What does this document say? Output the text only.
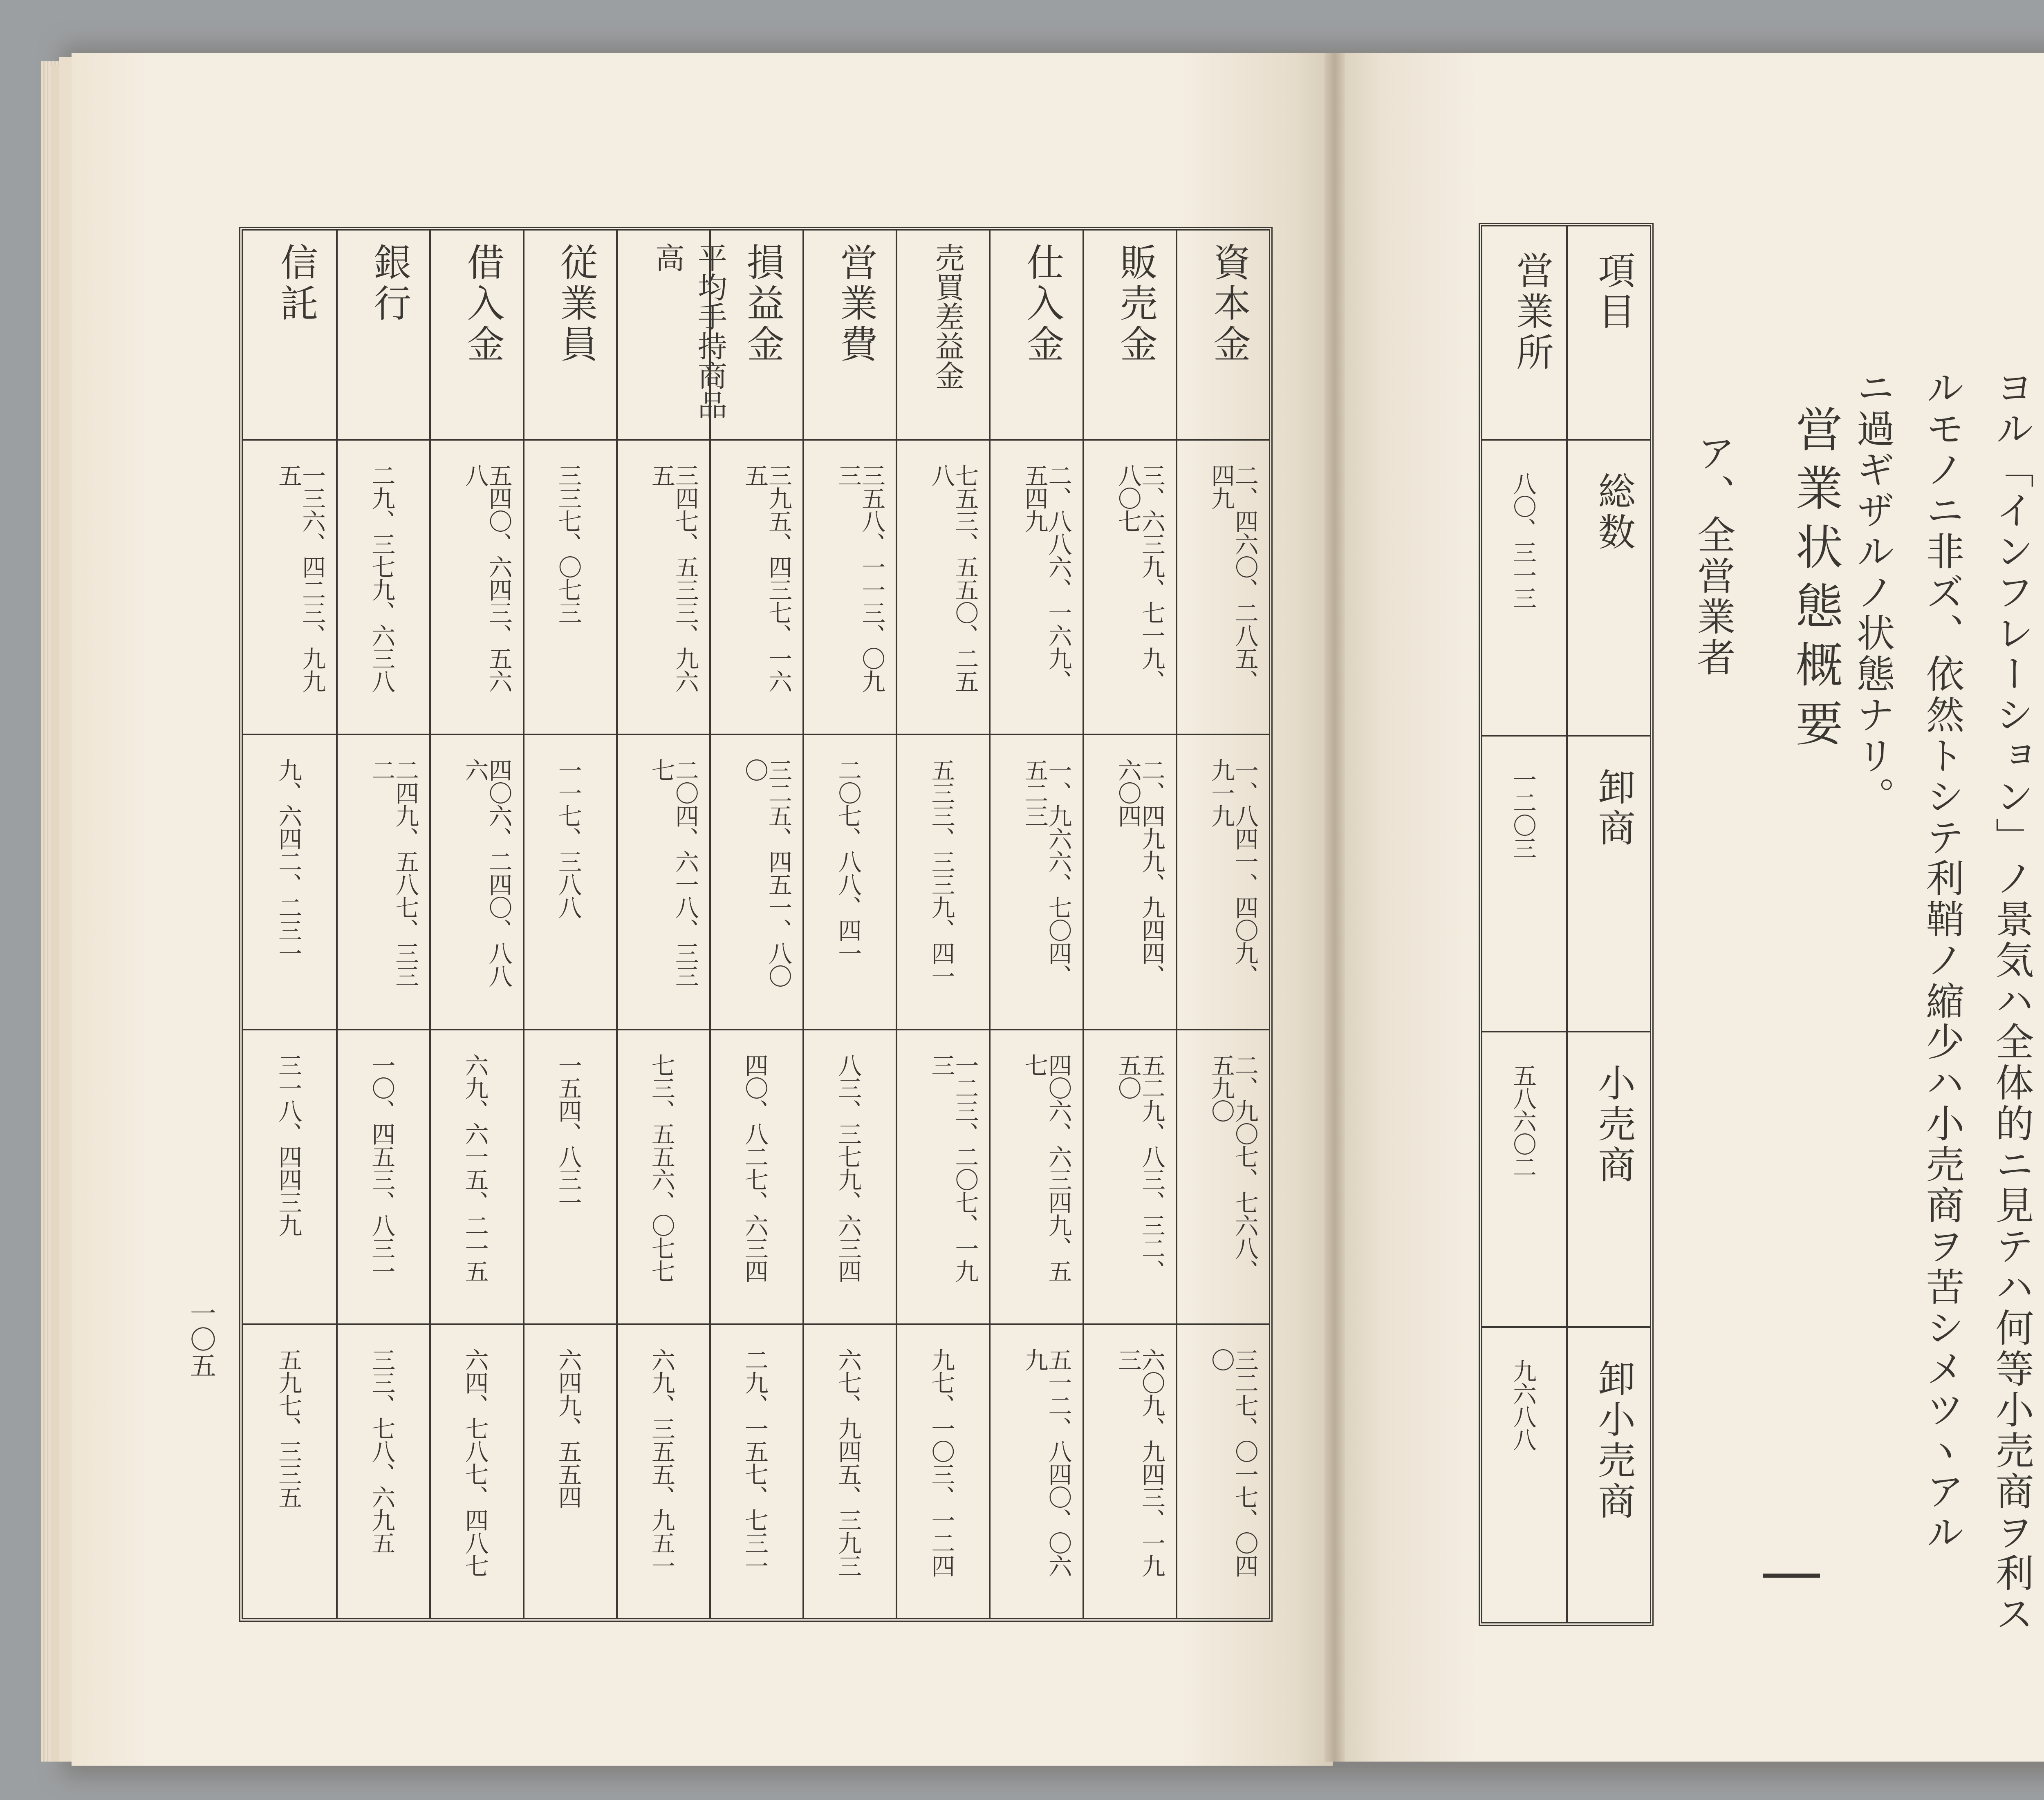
資本金
二、四六〇、二八五、四九
一、八四一、四〇九、九一九
二、九〇七、七六八、五九〇
三二七、〇一七、〇四〇
販売金
三、六三九、七一九、八〇七
二、四九九、九四四、六〇四
五二九、八三、三二、五〇
六〇九、九四三、一九三
仕入金
二、八八六、一六九、五四九
一、九六六、七〇四、五二三
四〇六、六三四九、五七
五一二、八四〇、〇六九
売買差益金
七五三、五五〇、二五八
五三三、三三九、四一
一二三、二〇七、一九三
九七、一〇三、一二四
営業費
三五八、一一三、〇九三
二〇七、八八、四一
八三、三七九、六三四
六七、九四五、三九三
損益金
三九五、四三七、一六五
三二五、四五一、八〇〇
四〇、八二七、六三四
二九、一五七、七三一
平均手持商品高
三四七、五三三、九六五
二〇四、六一八、三三七
七三、五五六、〇七七
六九、三五五、九五一
従業員
三三七、〇七三
一一七、三八八
一五四、八三一
六四九、五五四
借入金
五四〇、六四三、五六八
四〇六、二四〇、八八六
六九、六一五、二一五
六四、七八七、四八七
銀行
二九、三七九、六三八
二四九、五八七、三三二
一〇、四五三、八三一
三三、七八、六九五
信託
一三六、四二三、九九五
九、六四二、二三一
三一八、四四三九
五九七、三三五
一〇五	ヨル「インフレーション」ノ景気ハ全体的ニ見テハ何等小売商ヲ利ス
ルモノニ非ズ、依然トシテ利鞘ノ縮少ハ小売商ヲ苦シメツヽアル
ニ過ギザルノ状態ナリ。
営業状態概要
ア、全営業者
項目
営業所
総数
八〇、三一三
卸商
一二〇三
小売商
五八六〇二
卸小売商
九六八八
